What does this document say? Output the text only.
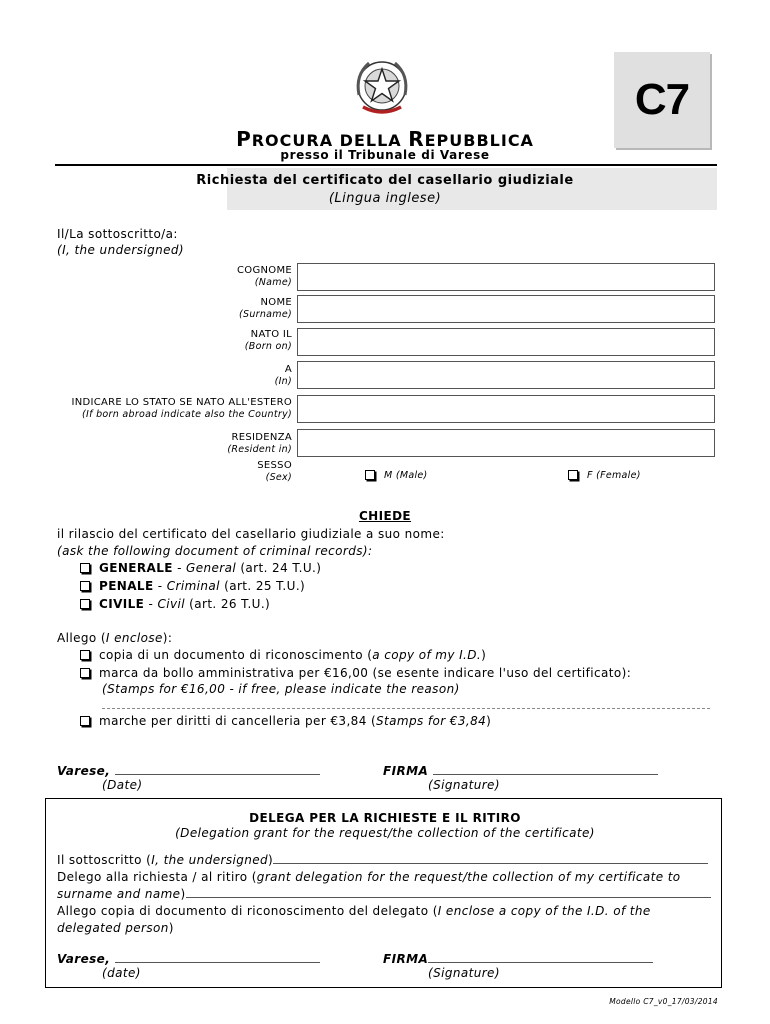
C7
PROCURA DELLA REPUBBLICA
presso il Tribunale di Varese
Richiesta del certificato del casellario giudiziale
(Lingua inglese)
Il/La sottoscritto/a:
(I, the undersigned)
COGNOME
(Name)
NOME
(Surname)
NATO IL
(Born on)
A
(In)
INDICARE LO STATO SE NATO ALL'ESTERO
(If born abroad indicate also the Country)
RESIDENZA
(Resident in)
SESSO
(Sex)	M (Male)	F (Female)
CHIEDE
il rilascio del certificato del casellario giudiziale a suo nome:
(ask the following document of criminal records):
GENERALE - General (art. 24 T.U.)
PENALE - Criminal (art. 25 T.U.)
CIVILE - Civil (art. 26 T.U.)
Allego (I enclose):
copia di un documento di riconoscimento (a copy of my I.D.)
marca da bollo amministrativa per €16,00 (se esente indicare l'uso del certificato):
(Stamps for €16,00 - if free, please indicate the reason)
marche per diritti di cancelleria per €3,84 (Stamps for €3,84)
Varese,
(Date)
FIRMA
(Signature)
DELEGA PER LA RICHIESTE E IL RITIRO
(Delegation grant for the request/the collection of the certificate)
Il sottoscritto (I, the undersigned)
Delego alla richiesta / al ritiro (grant delegation for the request/the collection of my certificate to
surname and name)
Allego copia di documento di riconoscimento del delegato (I enclose a copy of the I.D. of the
delegated person)
Varese,
(date)
FIRMA
(Signature)
Modello C7_v0_17/03/2014
